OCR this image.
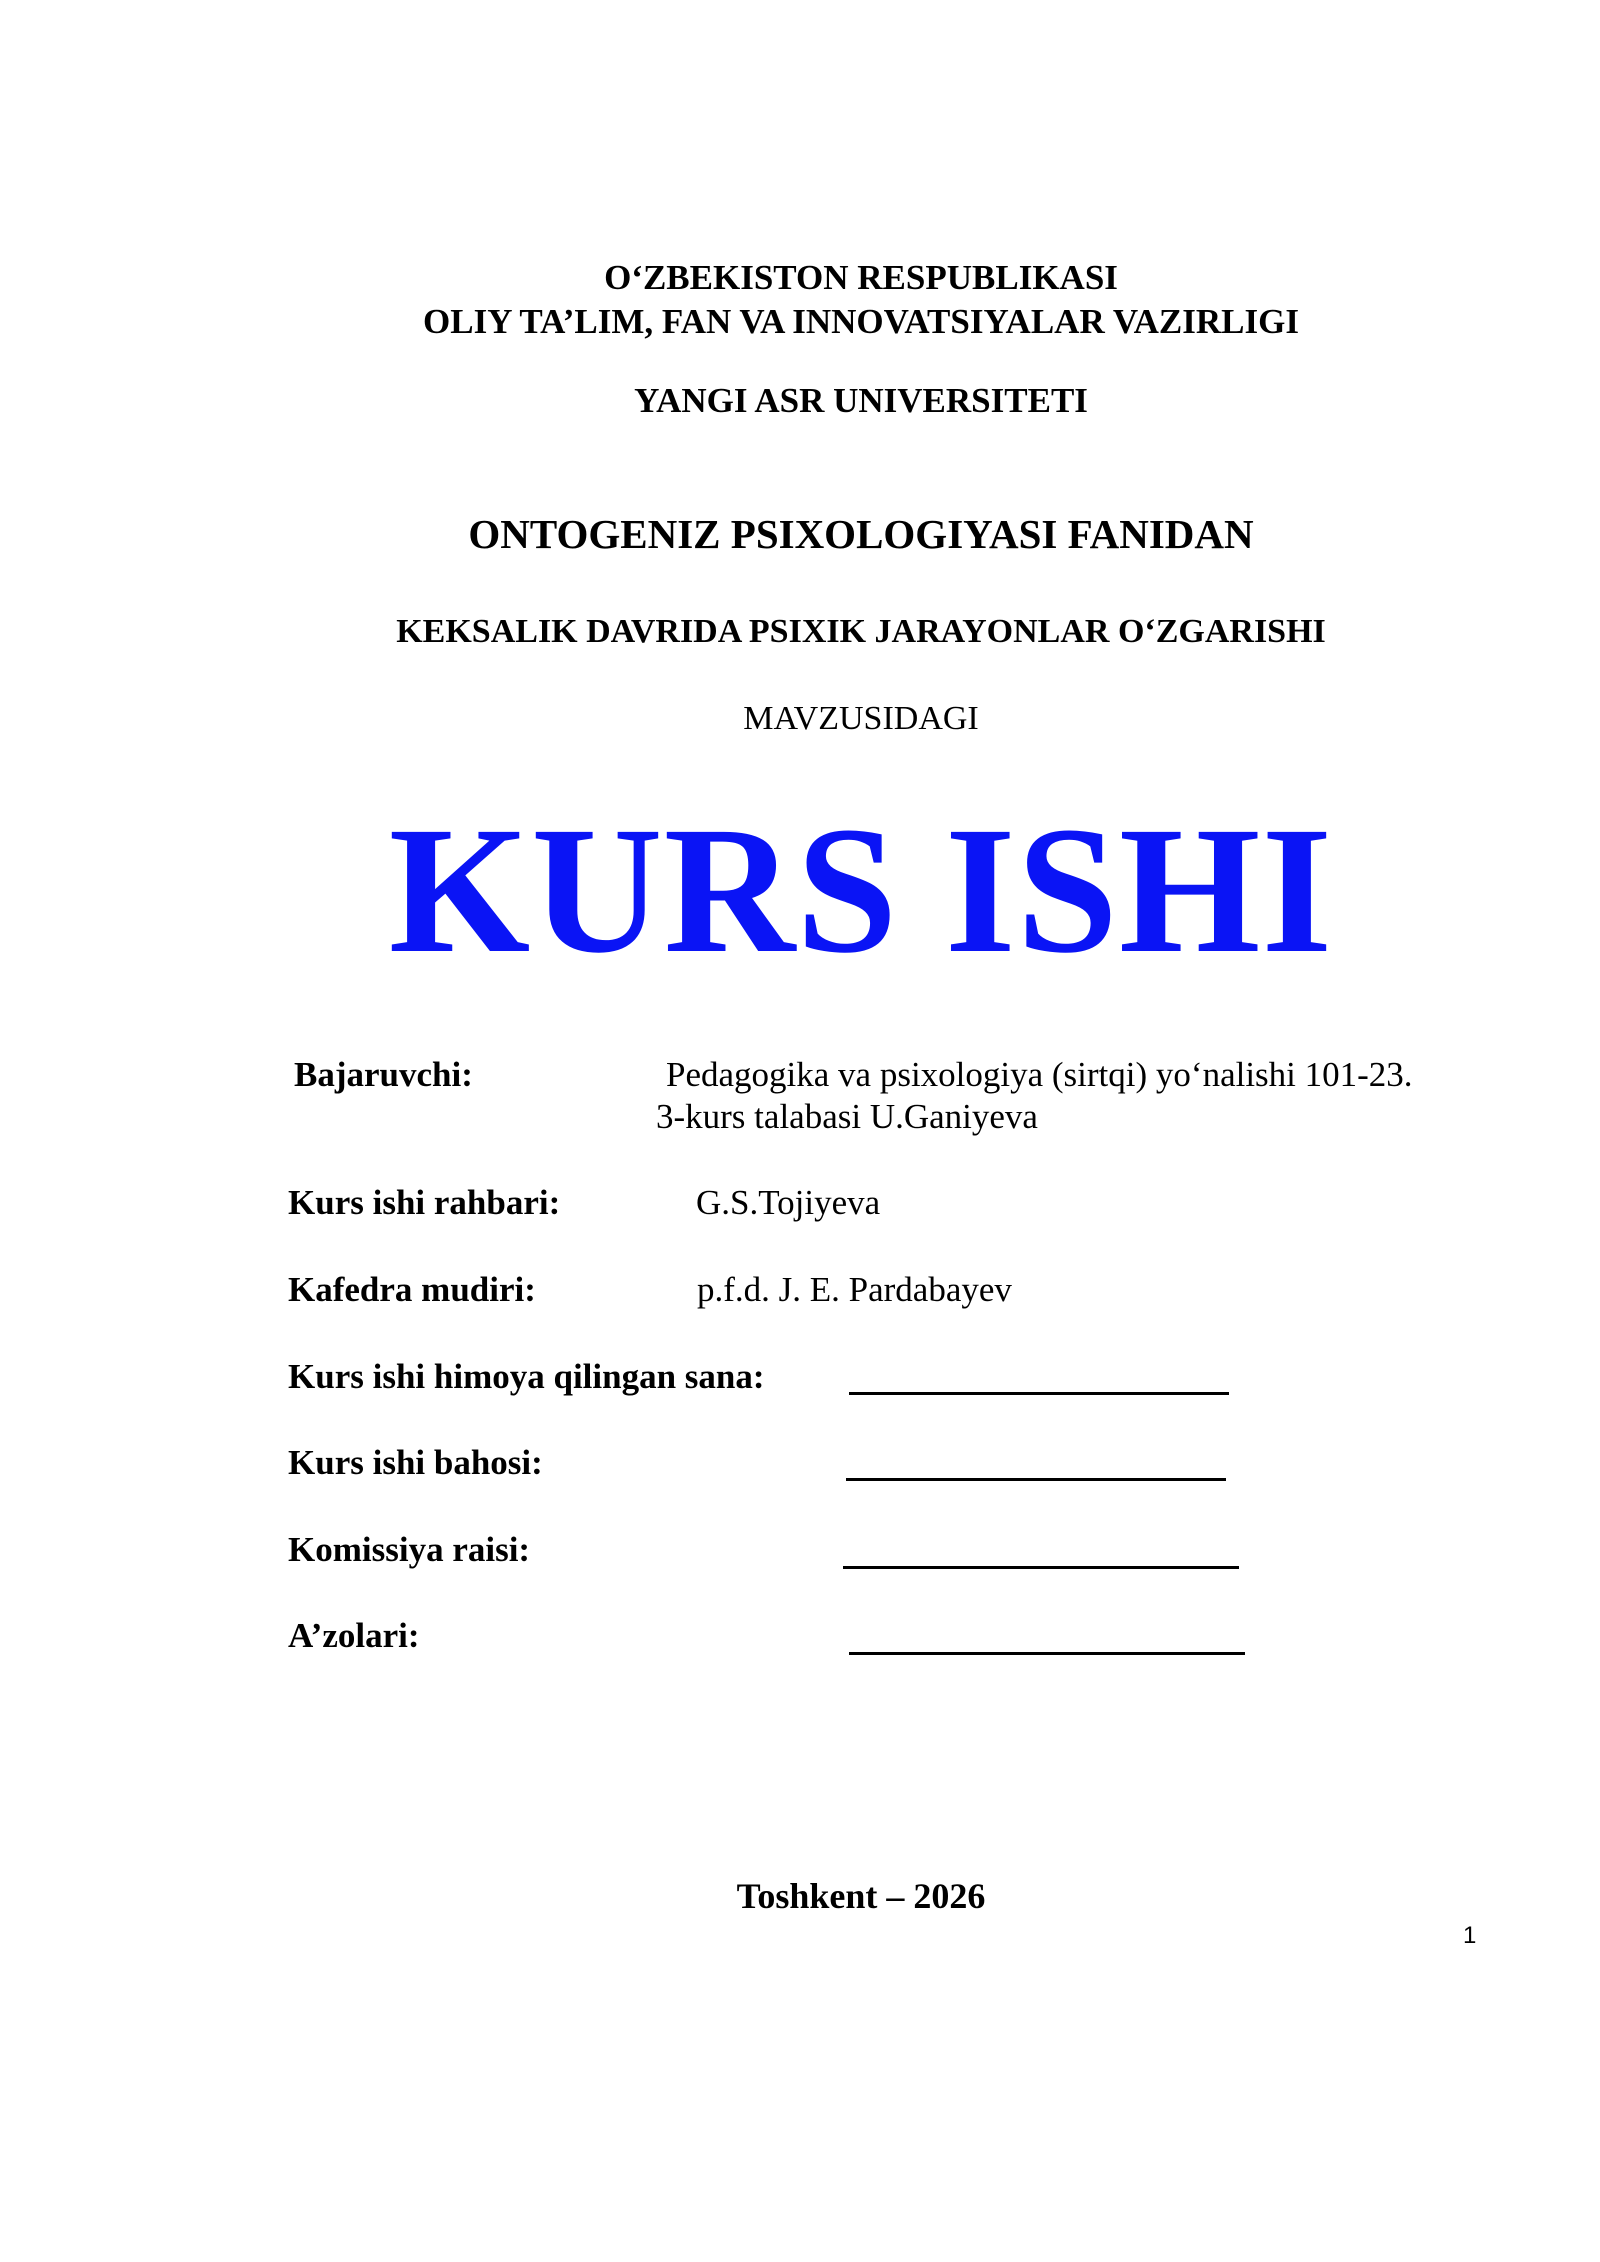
O‘ZBEKISTON RESPUBLIKASI
OLIY TA’LIM, FAN VA INNOVATSIYALAR VAZIRLIGI
YANGI ASR UNIVERSITETI
ONTOGENIZ PSIXOLOGIYASI FANIDAN
KEKSALIK DAVRIDA PSIXIK JARAYONLAR O‘ZGARISHI
MAVZUSIDAGI
KURS ISHI
Bajaruvchi:	Pedagogika va psixologiya (sirtqi) yo‘nalishi 101-23.
3-kurs talabasi U.Ganiyeva
Kurs ishi rahbari:	G.S.Tojiyeva
Kafedra mudiri:	p.f.d. J. E. Pardabayev
Kurs ishi himoya qilingan sana:
Kurs ishi bahosi:
Komissiya raisi:
A’zolari:
Toshkent – 2026
1
